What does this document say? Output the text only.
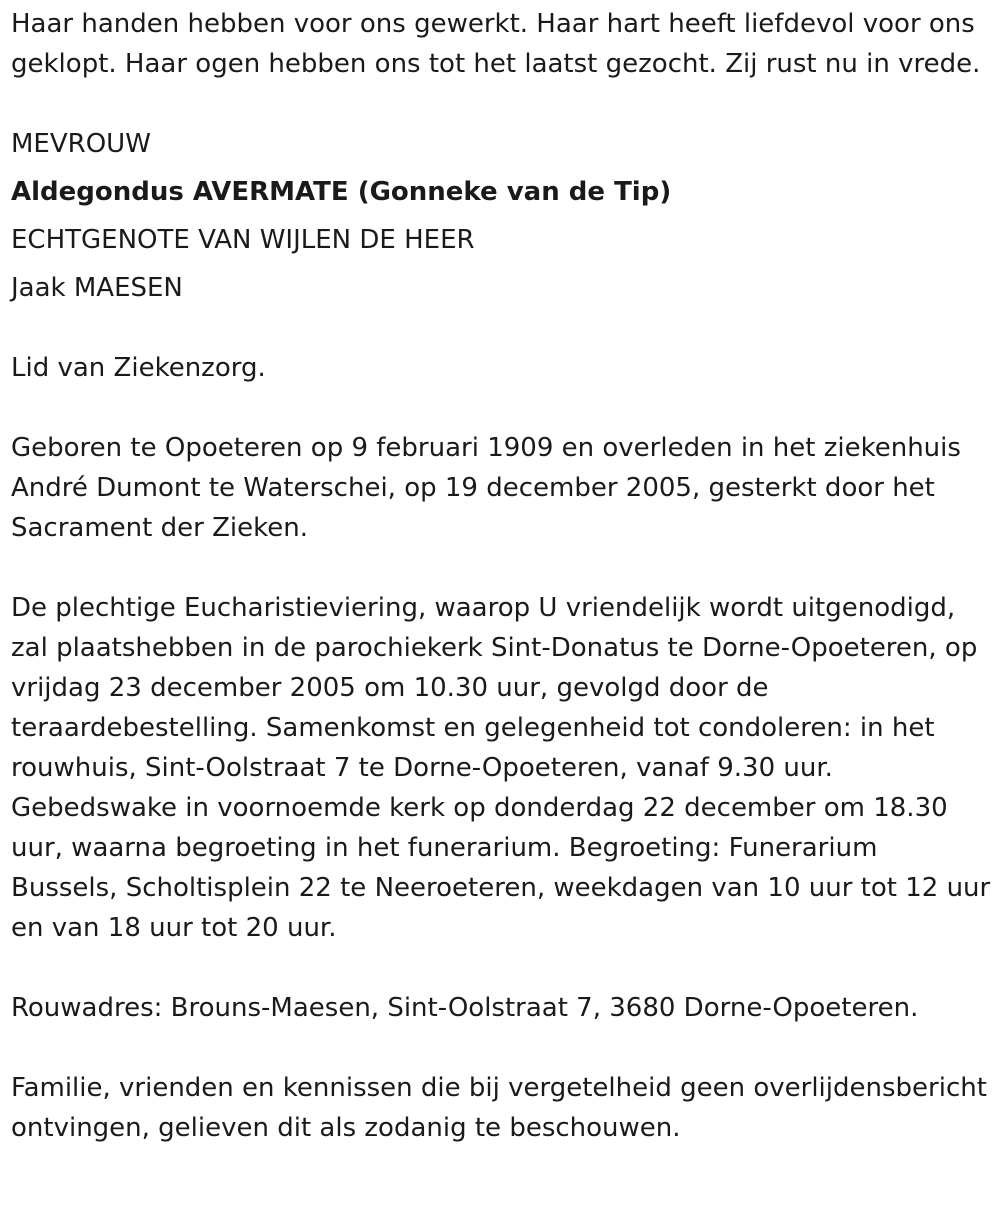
Haar handen hebben voor ons gewerkt. Haar hart heeft liefdevol voor ons geklopt. Haar ogen hebben ons tot het laatst gezocht. Zij rust nu in vrede.

MEVROUW
Aldegondus AVERMATE (Gonneke van de Tip)
ECHTGENOTE VAN WIJLEN DE HEER
Jaak MAESEN

Lid van Ziekenzorg.

Geboren te Opoeteren op 9 februari 1909 en overleden in het ziekenhuis André Dumont te Waterschei, op 19 december 2005, gesterkt door het Sacrament der Zieken.

De plechtige Eucharistieviering, waarop U vriendelijk wordt uitgenodigd, zal plaatshebben in de parochiekerk Sint-Donatus te Dorne-Opoeteren, op vrijdag 23 december 2005 om 10.30 uur, gevolgd door de teraardebestelling. Samenkomst en gelegenheid tot condoleren: in het rouwhuis, Sint-Oolstraat 7 te Dorne-Opoeteren, vanaf 9.30 uur. Gebedswake in voornoemde kerk op donderdag 22 december om 18.30 uur, waarna begroeting in het funerarium. Begroeting: Funerarium Bussels, Scholtisplein 22 te Neeroeteren, weekdagen van 10 uur tot 12 uur en van 18 uur tot 20 uur.

Rouwadres: Brouns-Maesen, Sint-Oolstraat 7, 3680 Dorne-Opoeteren.

Familie, vrienden en kennissen die bij vergetelheid geen overlijdensbericht ontvingen, gelieven dit als zodanig te beschouwen.
